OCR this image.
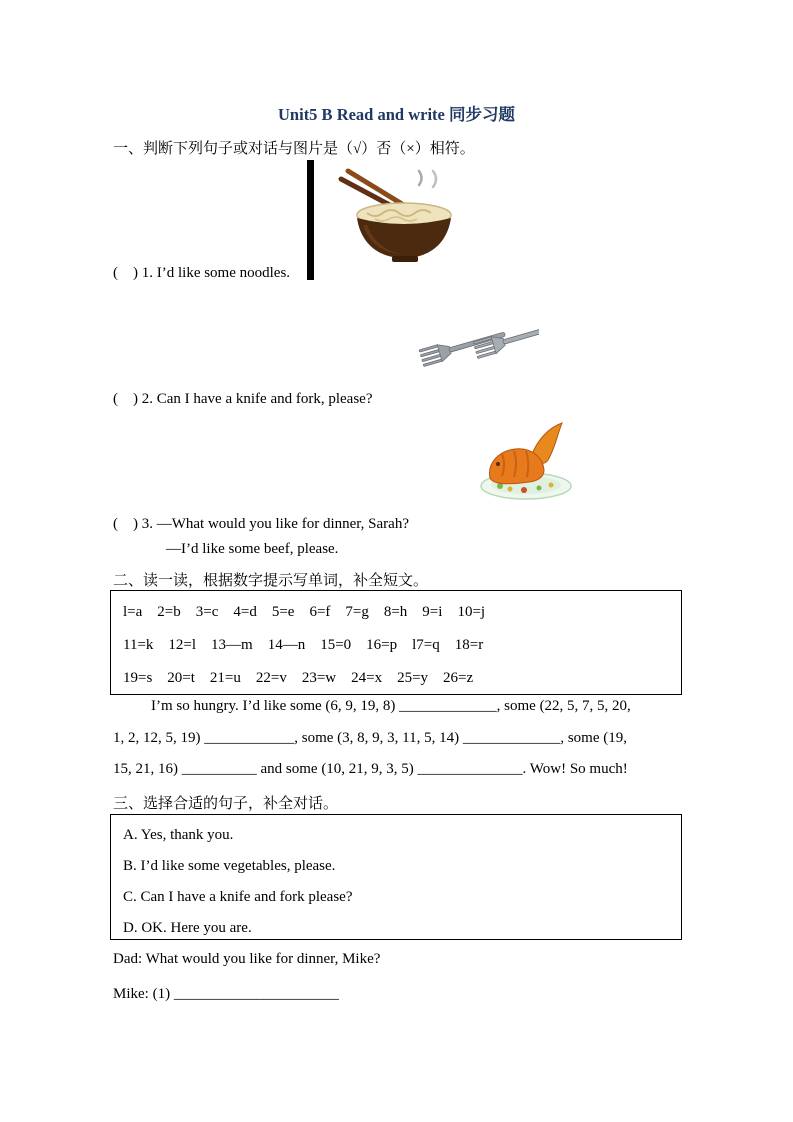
Unit5 B Read and write 同步习题
一、判断下列句子或对话与图片是（√）否（×）相符。
(　) 1. I’d like some noodles.
(　) 2. Can I have a knife and fork, please?
(　) 3. —What would you like for dinner, Sarah?
—I’d like some beef, please.
二、读一读，根据数字提示写单词，补全短文。
l=a　2=b　3=c　4=d　5=e　6=f　7=g　8=h　9=i　10=j
11=k　12=l　13—m　14—n　15=0　16=p　l7=q　18=r
19=s　20=t　21=u　22=v　23=w　24=x　25=y　26=z
I’m so hungry. I’d like some (6, 9, 19, 8) _____________, some (22, 5, 7, 5, 20,
1, 2, 12, 5, 19) ____________, some (3, 8, 9, 3, 11, 5, 14) _____________, some (19,
15, 21, 16) __________ and some (10, 21, 9, 3, 5) ______________. Wow! So much!
三、选择合适的句子，补全对话。
A. Yes, thank you.
B. I’d like some vegetables, please.
C. Can I have a knife and fork please?
D. OK. Here you are.
Dad: What would you like for dinner, Mike?
Mike: (1) ______________________
